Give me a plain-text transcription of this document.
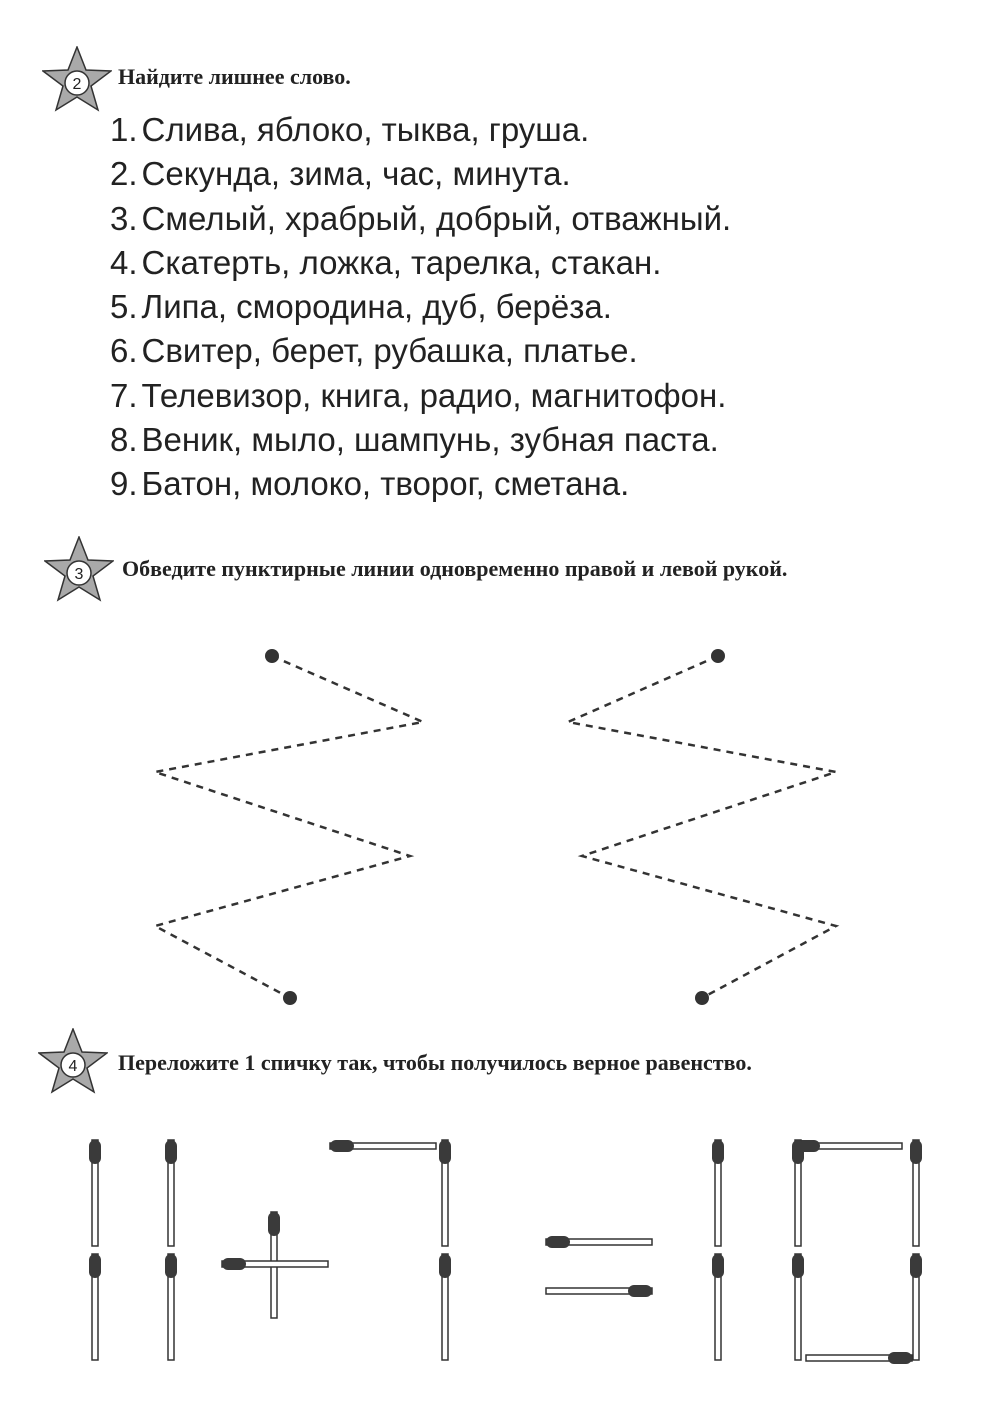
2 Найдите лишнее слово.
1. Слива, яблоко, тыква, груша.
2. Секунда, зима, час, минута.
3. Смелый, храбрый, добрый, отважный.
4. Скатерть, ложка, тарелка, стакан.
5. Липа, смородина, дуб, берёза.
6. Свитер, берет, рубашка, платье.
7. Телевизор, книга, радио, магнитофон.
8. Веник, мыло, шампунь, зубная паста.
9. Батон, молоко, творог, сметана.
3 Обведите пунктирные линии одновременно правой и левой рукой.
4 Переложите 1 спичку так, чтобы получилось верное равенство.
